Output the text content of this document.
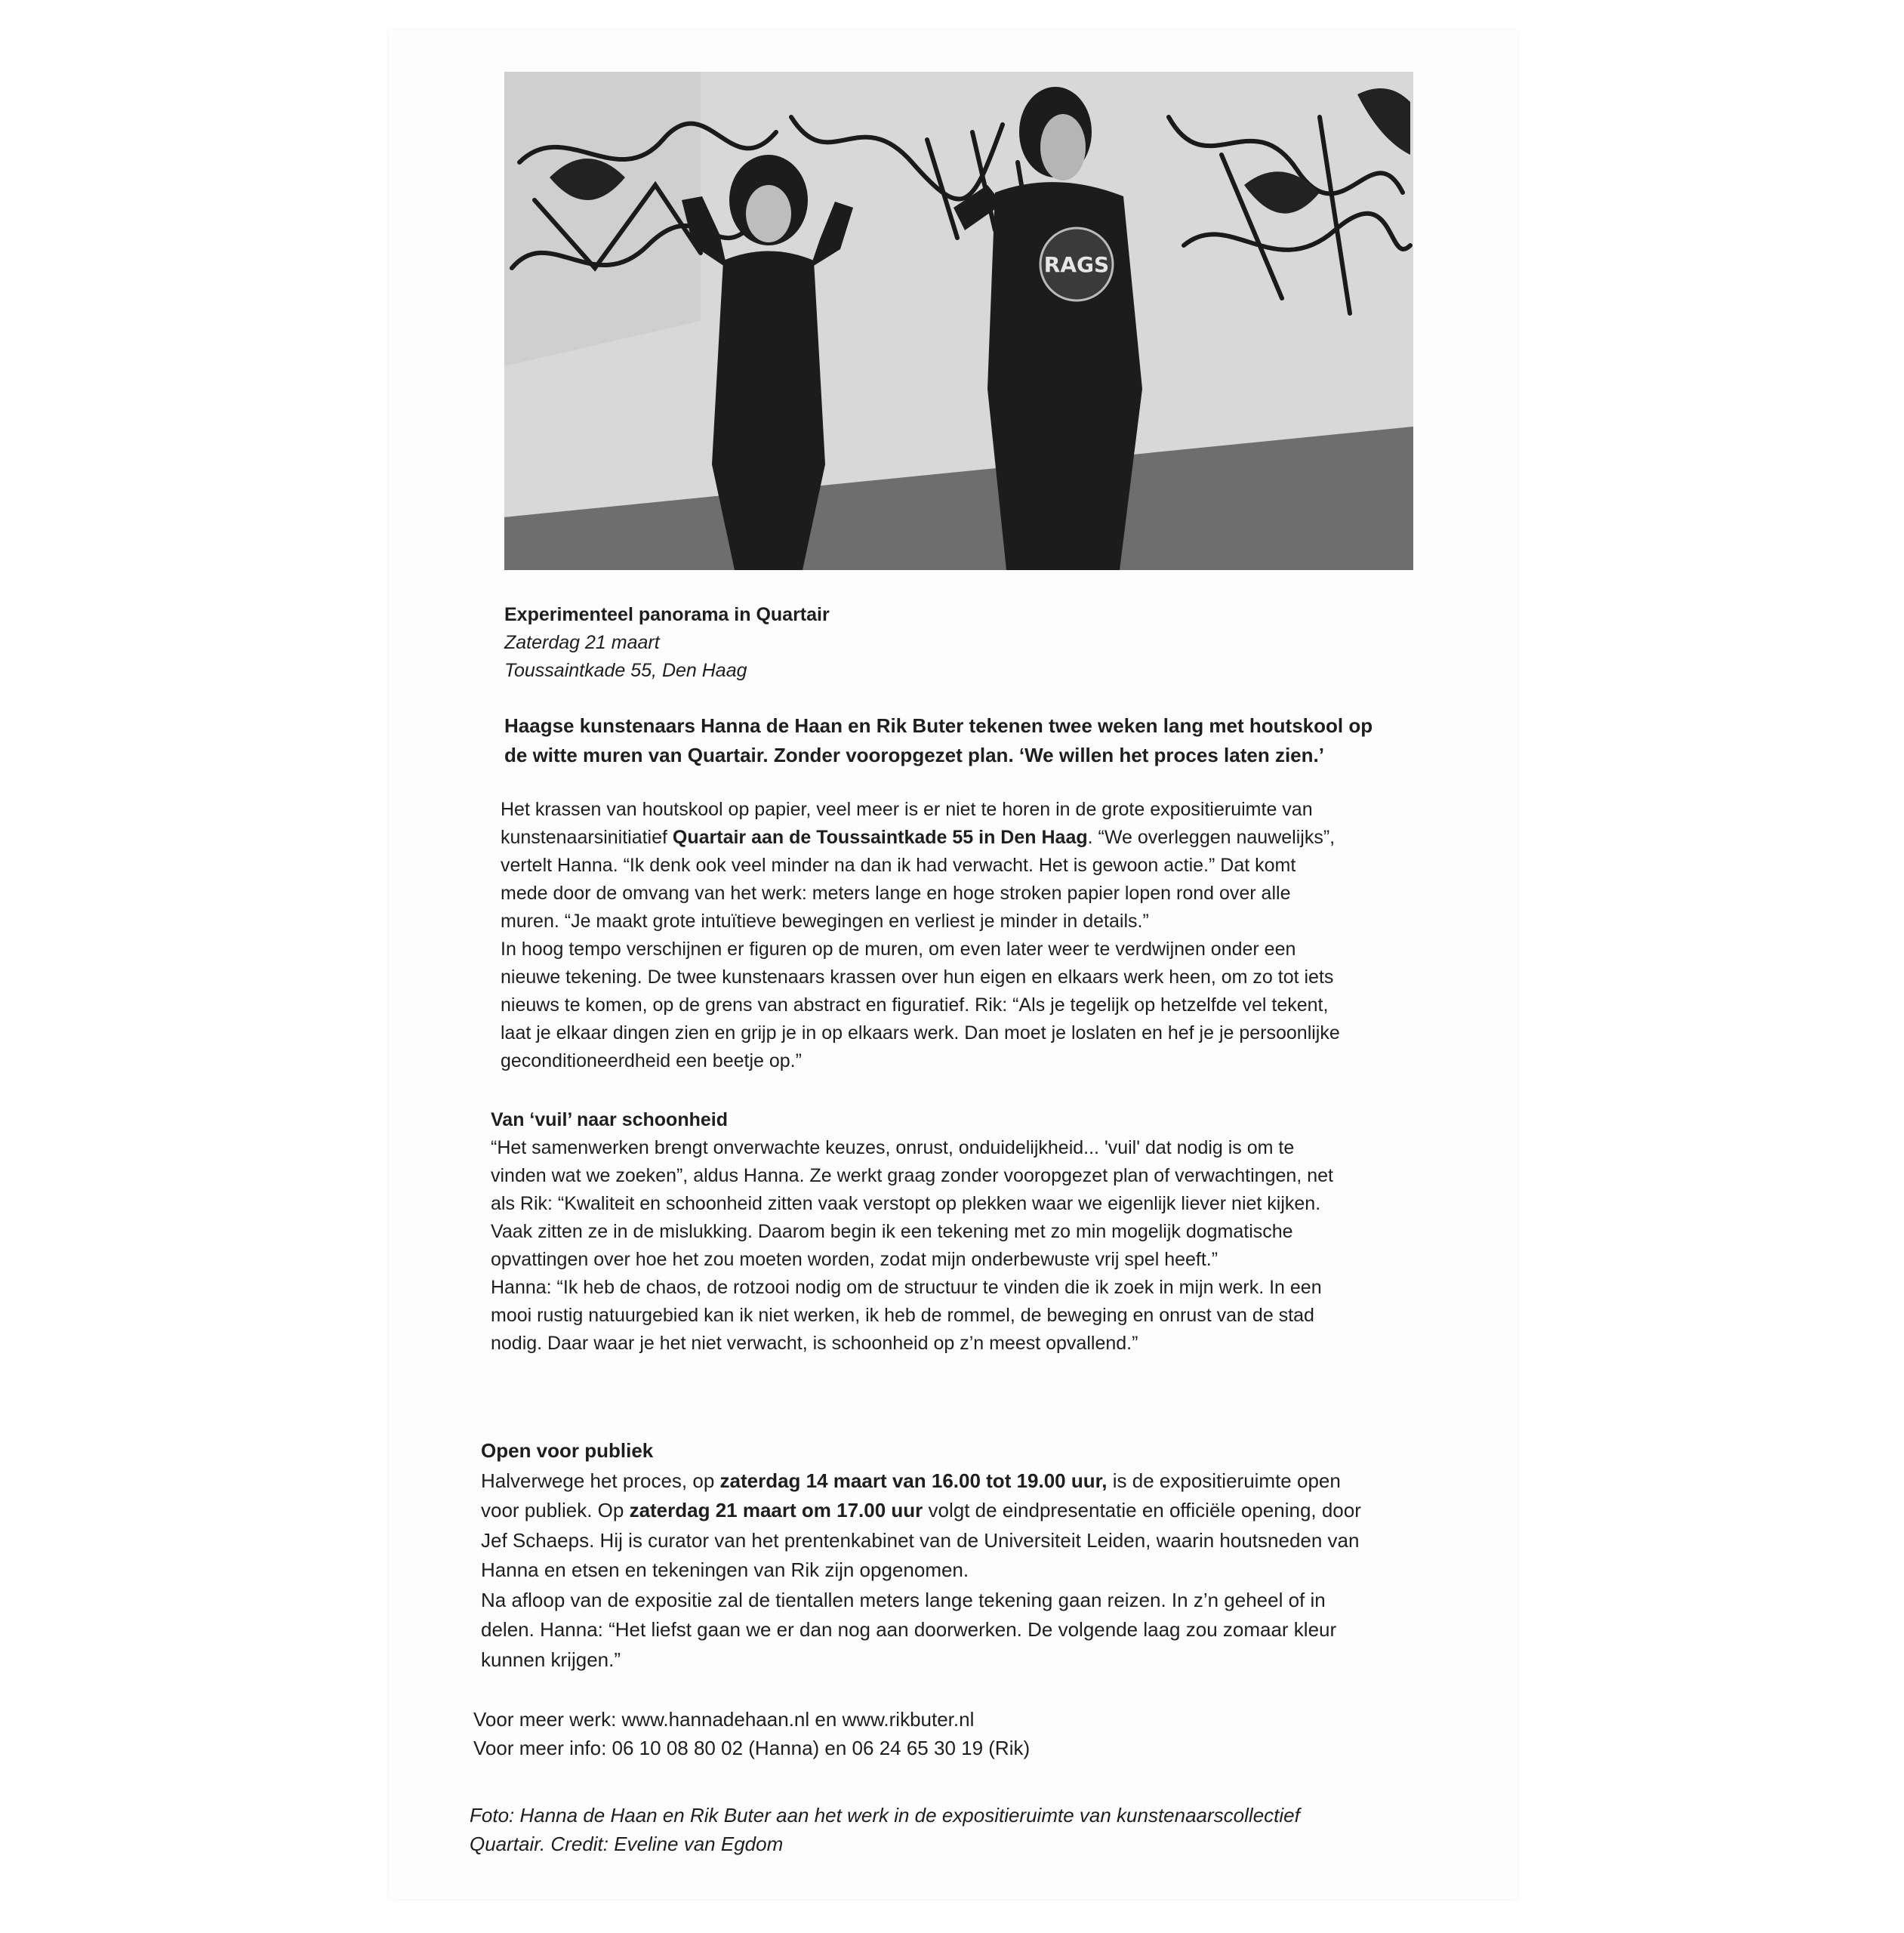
RAGS

Experimenteel panorama in Quartair

Zaterdag 21 maart

Toussaintkade 55, Den Haag

Haagse kunstenaars Hanna de Haan en Rik Buter tekenen twee weken lang met houtskool op

de witte muren van Quartair. Zonder vooropgezet plan. ‘We willen het proces laten zien.’

Het krassen van houtskool op papier, veel meer is er niet te horen in de grote expositieruimte van

kunstenaarsinitiatief Quartair aan de Toussaintkade 55 in Den Haag. “We overleggen nauwelijks”,

vertelt Hanna. “Ik denk ook veel minder na dan ik had verwacht. Het is gewoon actie.” Dat komt

mede door de omvang van het werk: meters lange en hoge stroken papier lopen rond over alle

muren. “Je maakt grote intuïtieve bewegingen en verliest je minder in details.”

In hoog tempo verschijnen er figuren op de muren, om even later weer te verdwijnen onder een

nieuwe tekening. De twee kunstenaars krassen over hun eigen en elkaars werk heen, om zo tot iets

nieuws te komen, op de grens van abstract en figuratief. Rik: “Als je tegelijk op hetzelfde vel tekent,

laat je elkaar dingen zien en grijp je in op elkaars werk. Dan moet je loslaten en hef je je persoonlijke

geconditioneerdheid een beetje op.”

Van ‘vuil’ naar schoonheid

“Het samenwerken brengt onverwachte keuzes, onrust, onduidelijkheid... 'vuil' dat nodig is om te

vinden wat we zoeken”, aldus Hanna. Ze werkt graag zonder vooropgezet plan of verwachtingen, net

als Rik: “Kwaliteit en schoonheid zitten vaak verstopt op plekken waar we eigenlijk liever niet kijken.

Vaak zitten ze in de mislukking. Daarom begin ik een tekening met zo min mogelijk dogmatische

opvattingen over hoe het zou moeten worden, zodat mijn onderbewuste vrij spel heeft.”

Hanna: “Ik heb de chaos, de rotzooi nodig om de structuur te vinden die ik zoek in mijn werk. In een

mooi rustig natuurgebied kan ik niet werken, ik heb de rommel, de beweging en onrust van de stad

nodig. Daar waar je het niet verwacht, is schoonheid op z’n meest opvallend.”

Open voor publiek

Halverwege het proces, op zaterdag 14 maart van 16.00 tot 19.00 uur, is de expositieruimte open

voor publiek. Op zaterdag 21 maart om 17.00 uur volgt de eindpresentatie en officiële opening, door

Jef Schaeps. Hij is curator van het prentenkabinet van de Universiteit Leiden, waarin houtsneden van

Hanna en etsen en tekeningen van Rik zijn opgenomen.

Na afloop van de expositie zal de tientallen meters lange tekening gaan reizen. In z’n geheel of in

delen. Hanna: “Het liefst gaan we er dan nog aan doorwerken. De volgende laag zou zomaar kleur

kunnen krijgen.”

Voor meer werk: www.hannadehaan.nl en www.rikbuter.nl

Voor meer info: 06 10 08 80 02 (Hanna) en 06 24 65 30 19 (Rik)

Foto: Hanna de Haan en Rik Buter aan het werk in de expositieruimte van kunstenaarscollectief

Quartair. Credit: Eveline van Egdom
